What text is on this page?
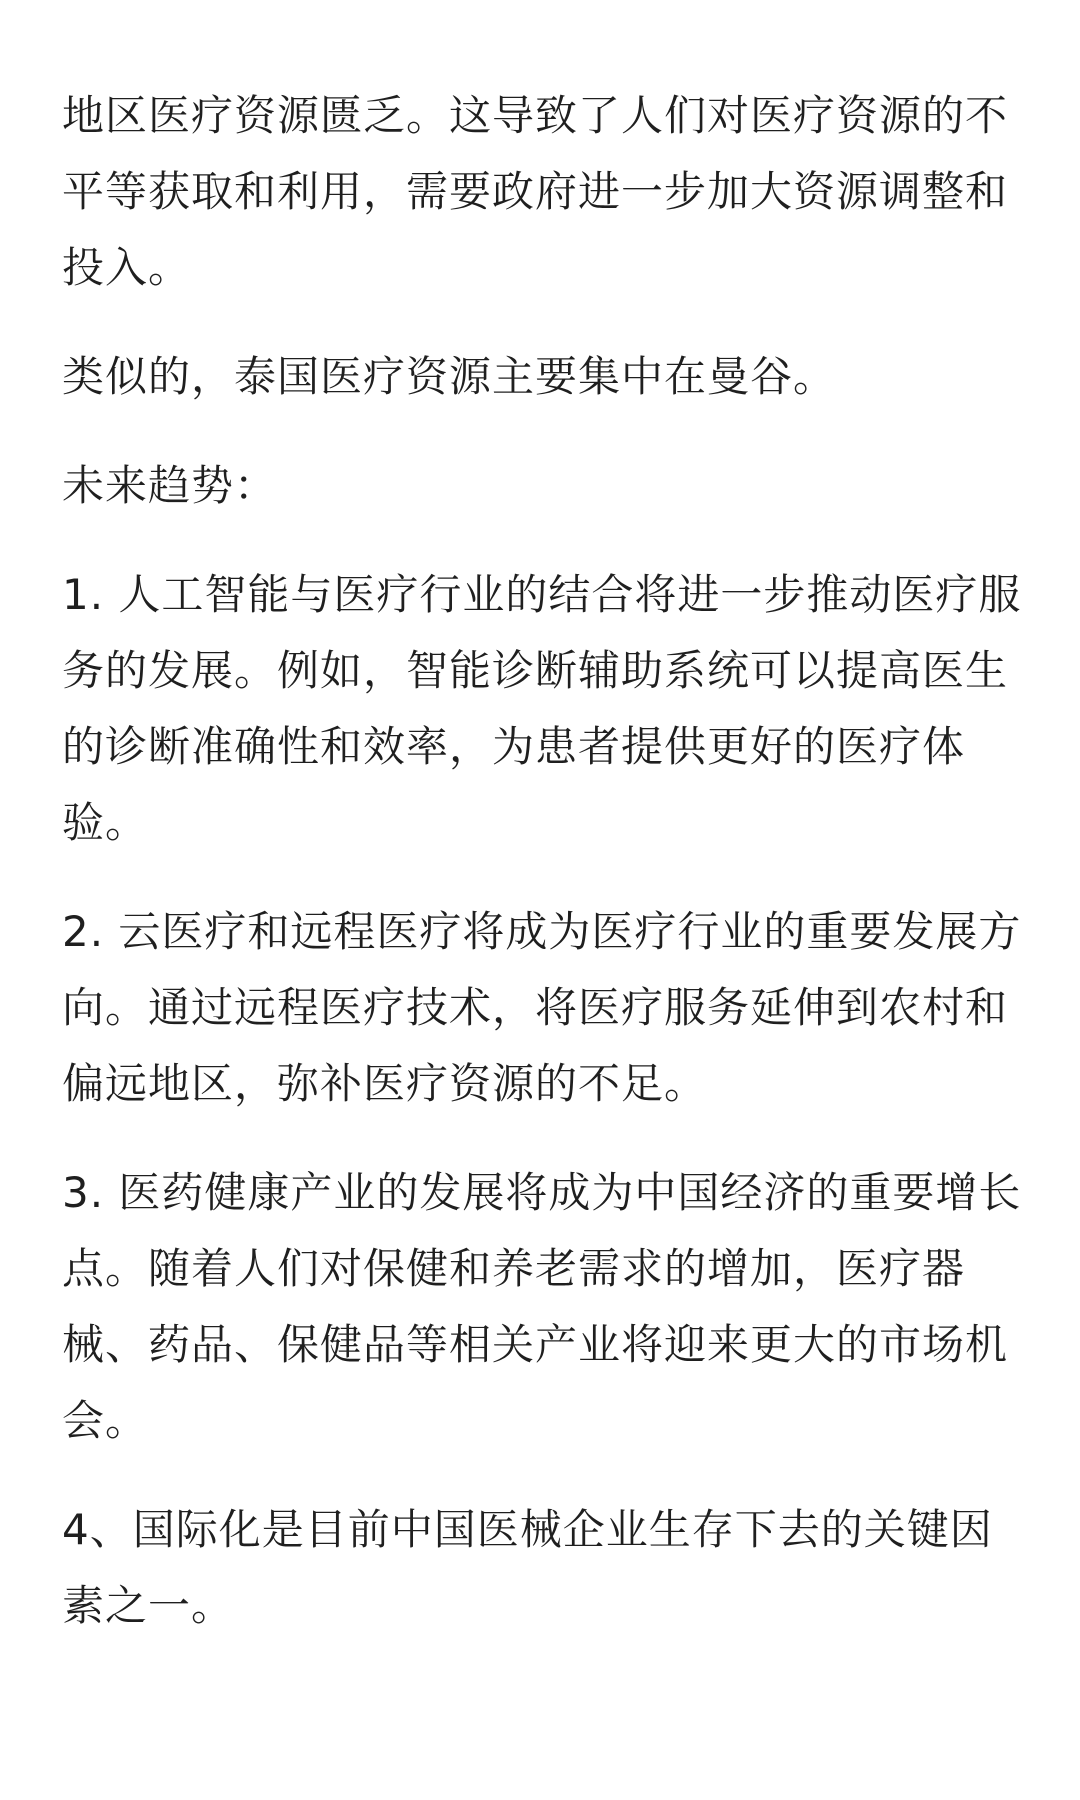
地区医疗资源匮乏。这导致了人们对医疗资源的不平等获取和利用，需要政府进一步加大资源调整和投入。

类似的，泰国医疗资源主要集中在曼谷。

未来趋势：

1. 人工智能与医疗行业的结合将进一步推动医疗服务的发展。例如，智能诊断辅助系统可以提高医生的诊断准确性和效率，为患者提供更好的医疗体验。

2. 云医疗和远程医疗将成为医疗行业的重要发展方向。通过远程医疗技术，将医疗服务延伸到农村和偏远地区，弥补医疗资源的不足。

3. 医药健康产业的发展将成为中国经济的重要增长点。随着人们对保健和养老需求的增加，医疗器械、药品、保健品等相关产业将迎来更大的市场机会。

4、国际化是目前中国医械企业生存下去的关键因素之一。
